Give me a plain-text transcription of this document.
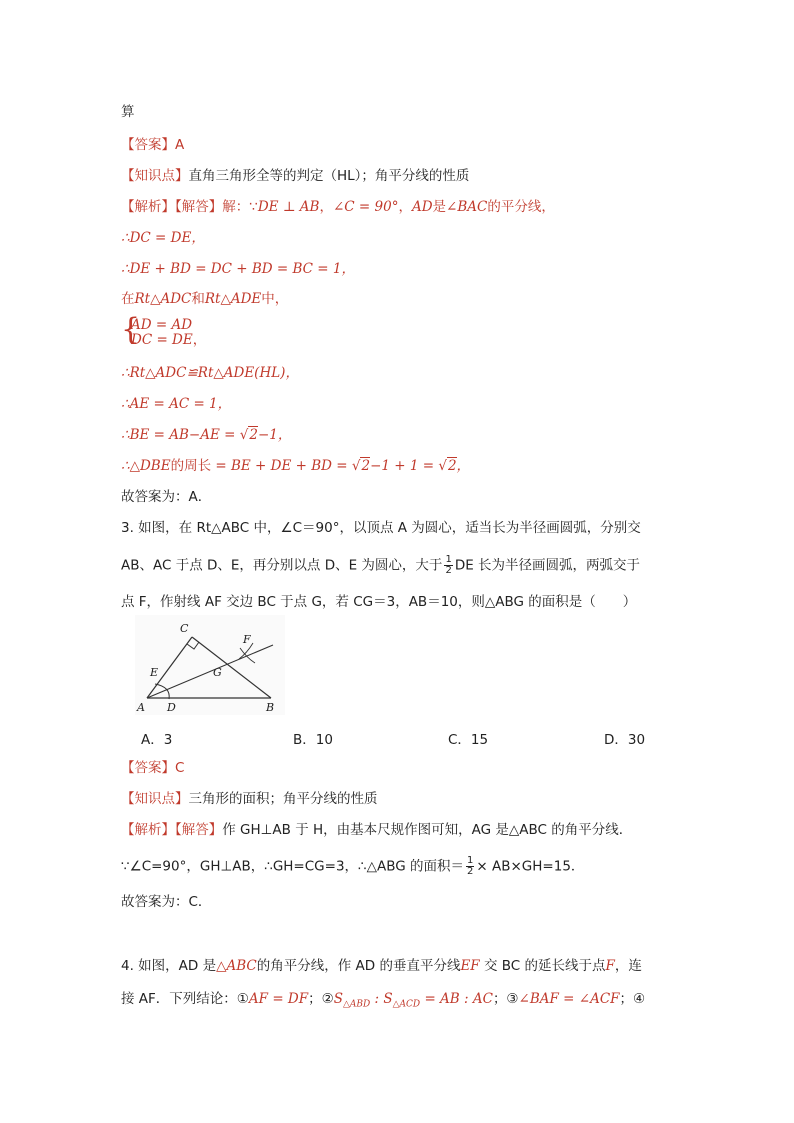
算
【答案】A
【知识点】直角三角形全等的判定（HL）；角平分线的性质
【解析】【解答】解：∵DE ⊥ AB，∠C = 90°，AD是∠BAC的平分线，
∴DC = DE，
∴DE + BD = DC + BD = BC = 1，
在Rt△ADC和Rt△ADE中，
{
AD = AD
DC = DE，
∴Rt△ADC≌Rt△ADE(HL)，
∴AE = AC = 1，
∴BE = AB−AE = √2−1，
∴△DBE的周长 = BE + DE + BD = √2−1 + 1 = √2，
故答案为：A．
3. 如图，在 Rt△ABC 中，∠C＝90°，以顶点 A 为圆心，适当长为半径画圆弧，分别交
AB、AC 于点 D、E，再分别以点 D、E 为圆心，大于 $\frac{1}{2}$ DE 长为半径画圆弧，两弧交于
点 F，作射线 AF 交边 BC 于点 G，若 CG＝3，AB＝10，则△ABG 的面积是（　　）
C
F
E	G
A D	B
A．3	B．10	C．15	D．30
【答案】C
【知识点】三角形的面积；角平分线的性质
【解析】【解答】作 GH⊥AB 于 H，由基本尺规作图可知，AG 是△ABC 的角平分线．
∵∠C=90°，GH⊥AB，∴GH=CG=3，∴△ABG 的面积＝ $\frac{1}{2} \times AB\times GH=15$．
故答案为：C．
4. 如图，AD 是△ABC的角平分线，作 AD 的垂直平分线EF 交 BC 的延长线于点F，连
接 AF．下列结论：①AF = DF；$②S_{\triangle ABD}$ : $S_{\triangle ACD}$ = AB : AC；③∠BAF = ∠ACF；④
